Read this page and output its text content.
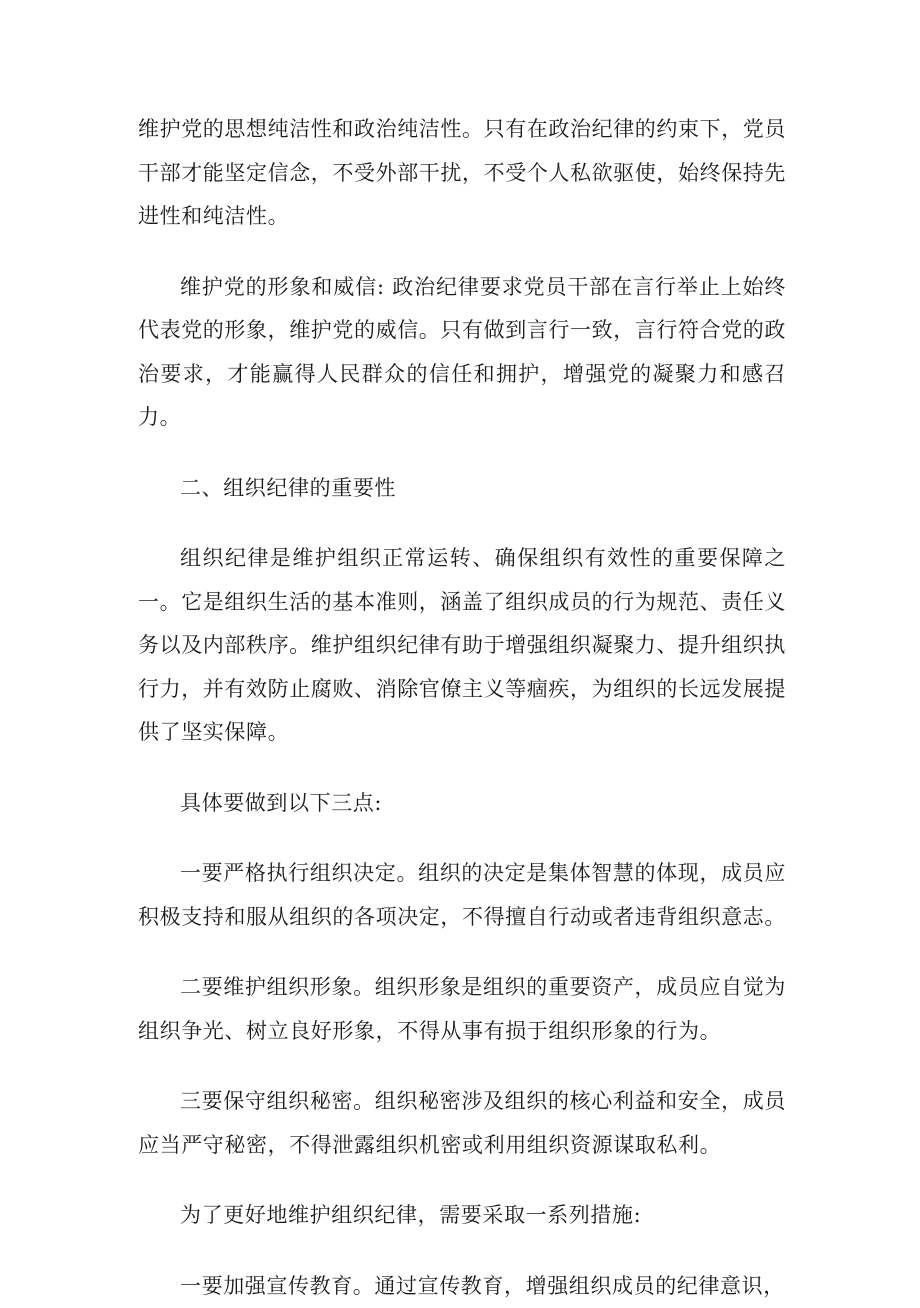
维护党的思想纯洁性和政治纯洁性。只有在政治纪律的约束下，党员干部才能坚定信念，不受外部干扰，不受个人私欲驱使，始终保持先进性和纯洁性。

维护党的形象和威信: 政治纪律要求党员干部在言行举止上始终代表党的形象，维护党的威信。只有做到言行一致，言行符合党的政治要求，才能赢得人民群众的信任和拥护，增强党的凝聚力和感召力。

二、组织纪律的重要性

组织纪律是维护组织正常运转、确保组织有效性的重要保障之一。它是组织生活的基本准则，涵盖了组织成员的行为规范、责任义务以及内部秩序。维护组织纪律有助于增强组织凝聚力、提升组织执行力，并有效防止腐败、消除官僚主义等痼疾，为组织的长远发展提供了坚实保障。

具体要做到以下三点:

一要严格执行组织决定。组织的决定是集体智慧的体现，成员应积极支持和服从组织的各项决定，不得擅自行动或者违背组织意志。

二要维护组织形象。组织形象是组织的重要资产，成员应自觉为组织争光、树立良好形象，不得从事有损于组织形象的行为。

三要保守组织秘密。组织秘密涉及组织的核心利益和安全，成员应当严守秘密，不得泄露组织机密或利用组织资源谋取私利。

为了更好地维护组织纪律，需要采取一系列措施:

一要加强宣传教育。通过宣传教育，增强组织成员的纪律意识，
